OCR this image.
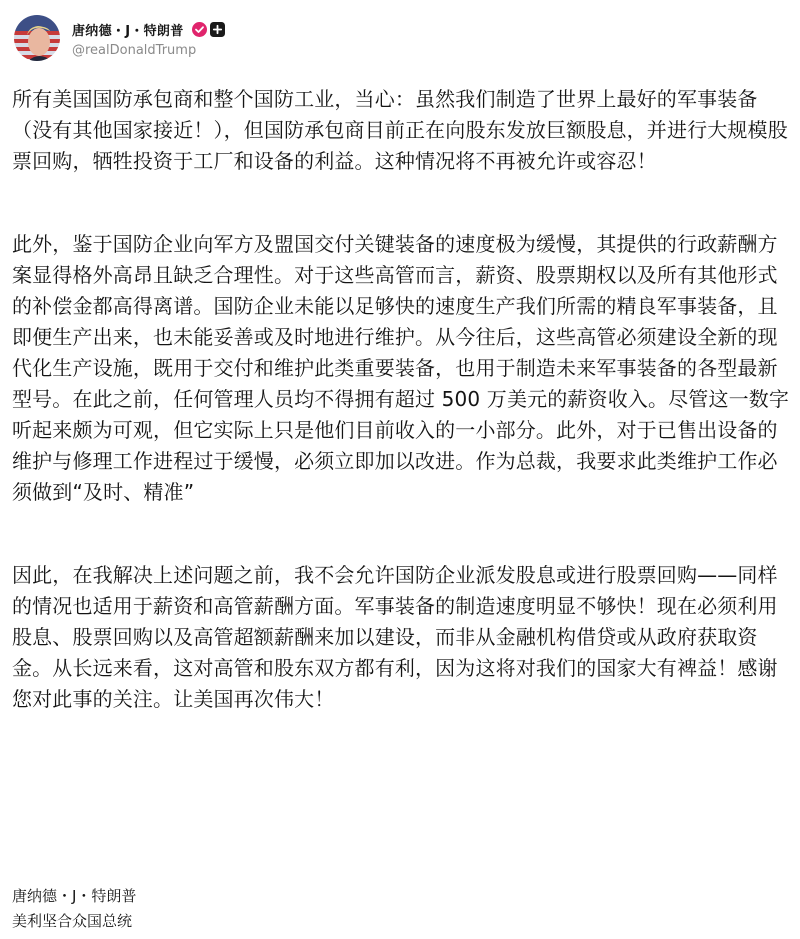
唐纳德・J・特朗普
@realDonaldTrump

所有美国国防承包商和整个国防工业，当心：虽然我们制造了世界上最好的军事装备（没有其他国家接近！），但国防承包商目前正在向股东发放巨额股息，并进行大规模股票回购，牺牲投资于工厂和设备的利益。这种情况将不再被允许或容忍！

此外，鉴于国防企业向军方及盟国交付关键装备的速度极为缓慢，其提供的行政薪酬方案显得格外高昂且缺乏合理性。对于这些高管而言，薪资、股票期权以及所有其他形式的补偿金都高得离谱。国防企业未能以足够快的速度生产我们所需的精良军事装备，且即便生产出来，也未能妥善或及时地进行维护。从今往后，这些高管必须建设全新的现代化生产设施，既用于交付和维护此类重要装备，也用于制造未来军事装备的各型最新型号。在此之前，任何管理人员均不得拥有超过 500 万美元的薪资收入。尽管这一数字听起来颇为可观，但它实际上只是他们目前收入的一小部分。此外，对于已售出设备的维护与修理工作进程过于缓慢，必须立即加以改进。作为总裁，我要求此类维护工作必须做到“及时、精准”

因此，在我解决上述问题之前，我不会允许国防企业派发股息或进行股票回购——同样的情况也适用于薪资和高管薪酬方面。军事装备的制造速度明显不够快！现在必须利用股息、股票回购以及高管超额薪酬来加以建设，而非从金融机构借贷或从政府获取资金。从长远来看，这对高管和股东双方都有利，因为这将对我们的国家大有裨益！感谢您对此事的关注。让美国再次伟大！

唐纳德・J・特朗普
美利坚合众国总统
